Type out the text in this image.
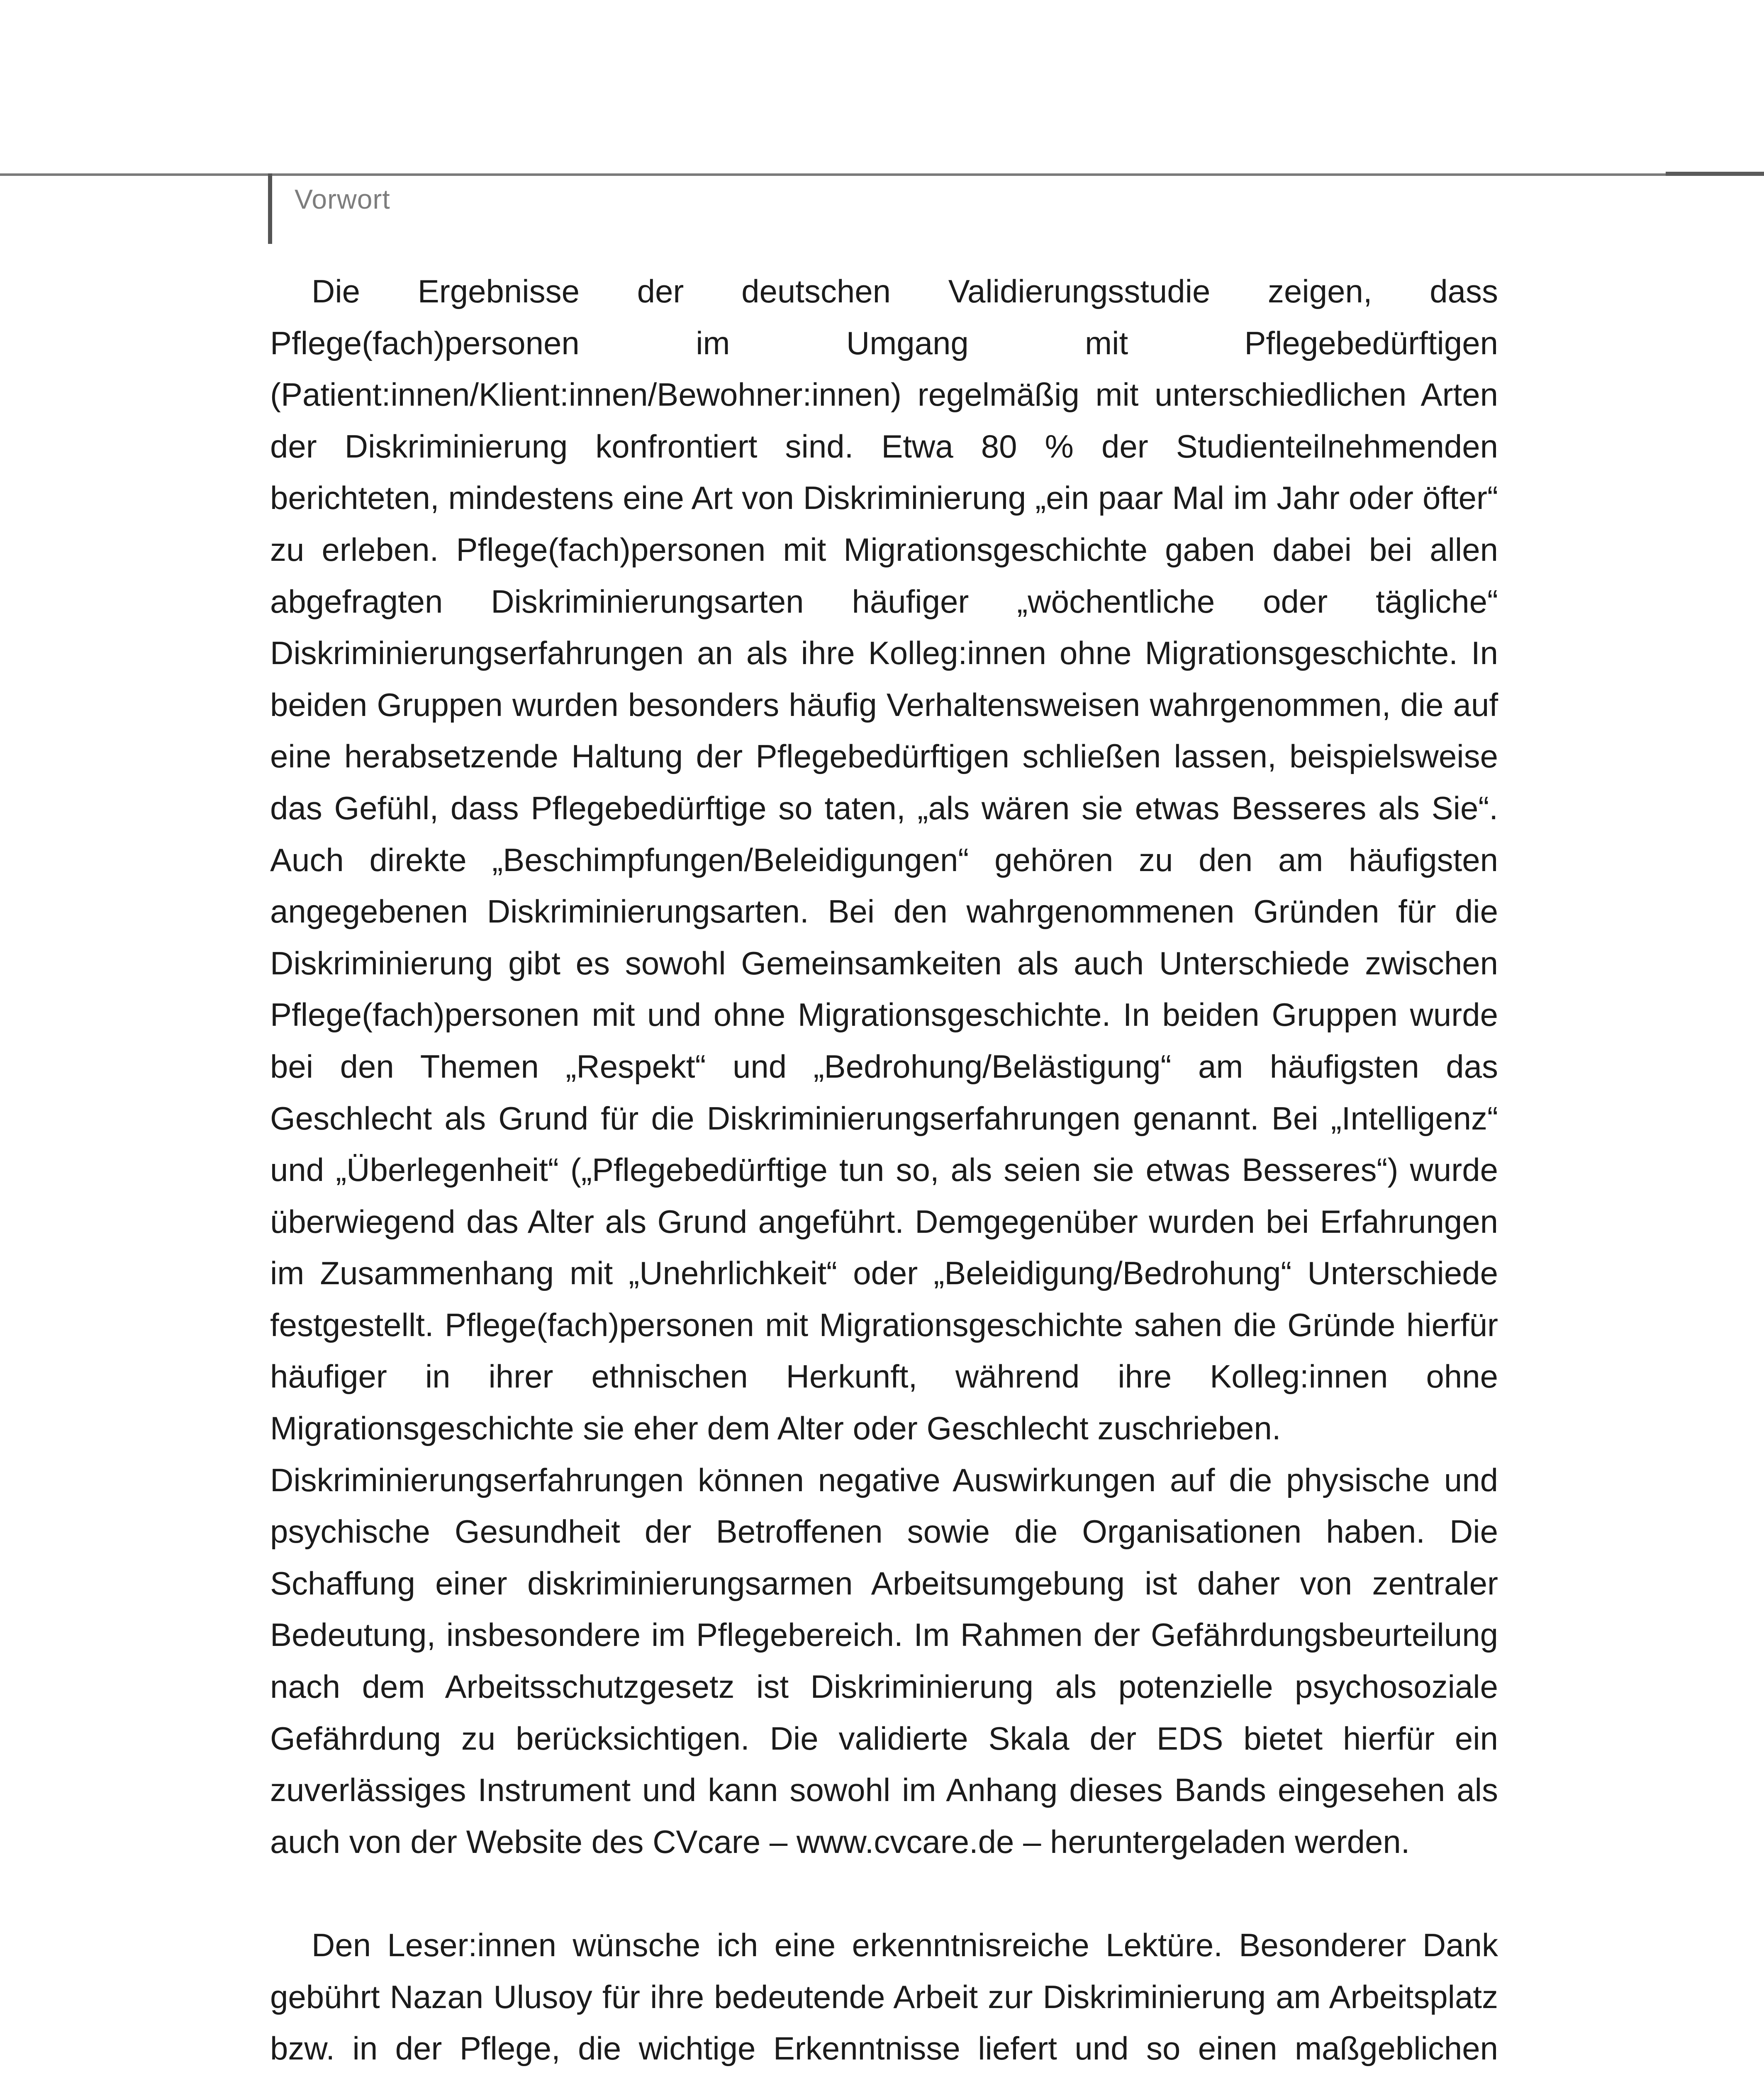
Vorwort

Die Ergebnisse der deutschen Validierungsstudie zeigen, dass Pflege(fach)personen im Umgang mit Pflegebedürftigen (Patient:innen/Klient:innen/Bewohner:innen) regelmäßig mit unterschiedlichen Arten der Diskriminierung konfrontiert sind. Etwa 80 % der Studienteilnehmenden berichteten, mindestens eine Art von Diskriminierung „ein paar Mal im Jahr oder öfter“ zu erleben. Pflege(fach)personen mit Migrationsgeschichte gaben dabei bei allen abgefragten Diskriminierungsarten häufiger „wöchentliche oder tägliche“ Diskriminierungserfahrungen an als ihre Kolleg:innen ohne Migrationsgeschichte. In beiden Gruppen wurden besonders häufig Verhaltensweisen wahrgenommen, die auf eine herabsetzende Haltung der Pflegebedürftigen schließen lassen, beispielsweise das Gefühl, dass Pflegebedürftige so taten, „als wären sie etwas Besseres als Sie“. Auch direkte „Beschimpfungen/Beleidigungen“ gehören zu den am häufigsten angegebenen Diskriminierungsarten. Bei den wahrgenommenen Gründen für die Diskriminierung gibt es sowohl Gemeinsamkeiten als auch Unterschiede zwischen Pflege(fach)personen mit und ohne Migrationsgeschichte. In beiden Gruppen wurde bei den Themen „Respekt“ und „Bedrohung/Belästigung“ am häufigsten das Geschlecht als Grund für die Diskriminierungserfahrungen genannt. Bei „Intelligenz“ und „Überlegenheit“ („Pflegebedürftige tun so, als seien sie etwas Besseres“) wurde überwiegend das Alter als Grund angeführt. Demgegenüber wurden bei Erfahrungen im Zusammenhang mit „Unehrlichkeit“ oder „Beleidigung/Bedrohung“ Unterschiede festgestellt. Pflege(fach)personen mit Migrationsgeschichte sahen die Gründe hierfür häufiger in ihrer ethnischen Herkunft, während ihre Kolleg:innen ohne Migrationsgeschichte sie eher dem Alter oder Geschlecht zuschrieben.

Diskriminierungserfahrungen können negative Auswirkungen auf die physische und psychische Gesundheit der Betroffenen sowie die Organisationen haben. Die Schaffung einer diskriminierungsarmen Arbeitsumgebung ist daher von zentraler Bedeutung, insbesondere im Pflegebereich. Im Rahmen der Gefährdungsbeurteilung nach dem Arbeitsschutzgesetz ist Diskriminierung als potenzielle psychosoziale Gefährdung zu berücksichtigen. Die validierte Skala der EDS bietet hierfür ein zuverlässiges Instrument und kann sowohl im Anhang dieses Bands eingesehen als auch von der Website des CVcare – www.cvcare.de – heruntergeladen werden.

Den Leser:innen wünsche ich eine erkenntnisreiche Lektüre. Besonderer Dank gebührt Nazan Ulusoy für ihre bedeutende Arbeit zur Diskriminierung am Arbeitsplatz bzw. in der Pflege, die wichtige Erkenntnisse liefert und so einen maßgeblichen
